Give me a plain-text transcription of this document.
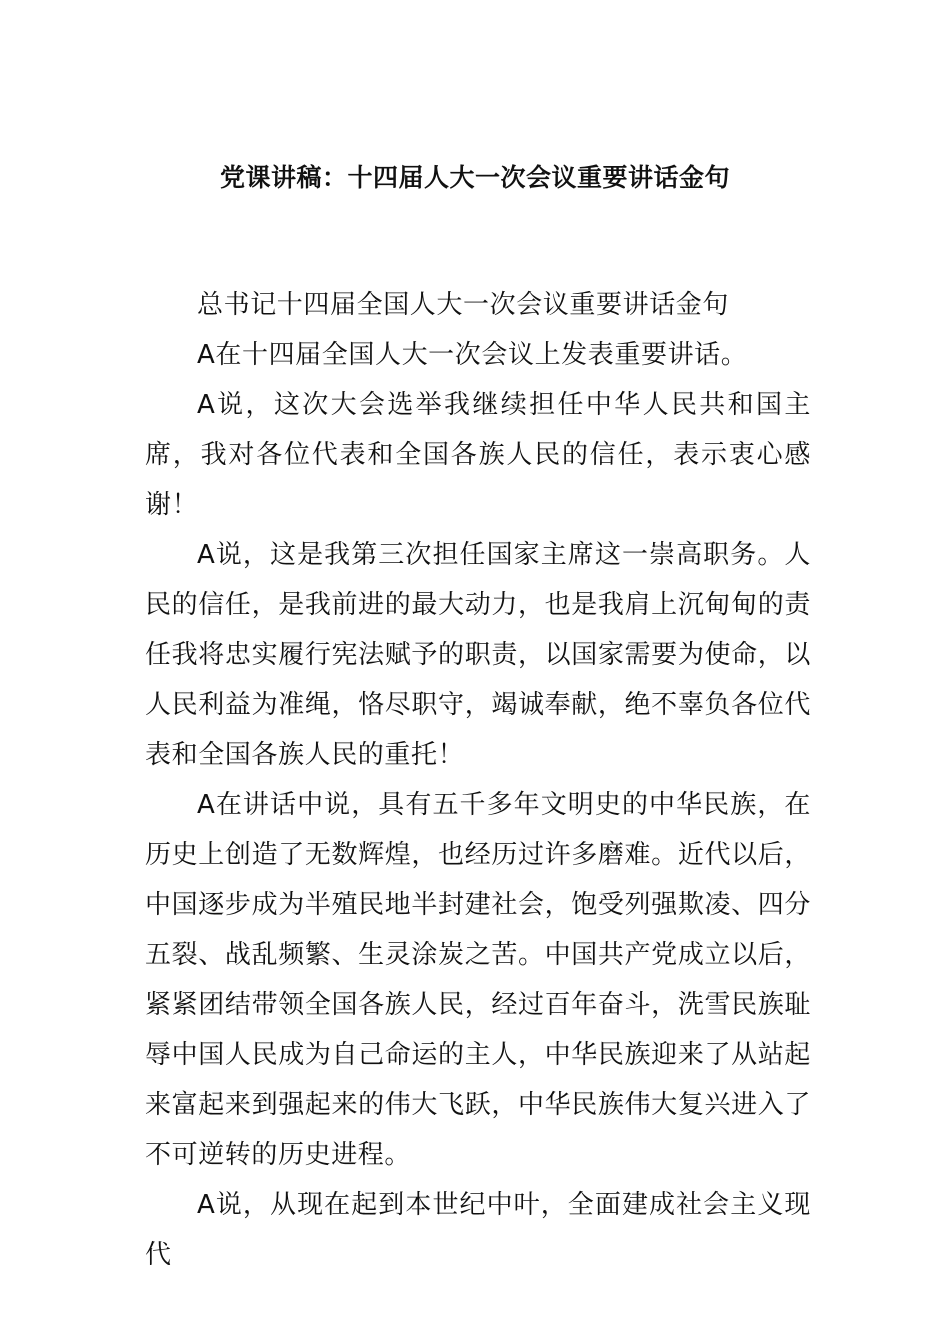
党课讲稿：十四届人大一次会议重要讲话金句

总书记十四届全国人大一次会议重要讲话金句

A在十四届全国人大一次会议上发表重要讲话。

A说，这次大会选举我继续担任中华人民共和国主席，我对各位代表和全国各族人民的信任，表示衷心感谢！

A说，这是我第三次担任国家主席这一崇高职务。人民的信任，是我前进的最大动力，也是我肩上沉甸甸的责任我将忠实履行宪法赋予的职责，以国家需要为使命，以人民利益为准绳，恪尽职守，竭诚奉献，绝不辜负各位代表和全国各族人民的重托！

A在讲话中说，具有五千多年文明史的中华民族，在历史上创造了无数辉煌，也经历过许多磨难。近代以后，中国逐步成为半殖民地半封建社会，饱受列强欺凌、四分五裂、战乱频繁、生灵涂炭之苦。中国共产党成立以后，紧紧团结带领全国各族人民，经过百年奋斗，洗雪民族耻辱中国人民成为自己命运的主人，中华民族迎来了从站起来富起来到强起来的伟大飞跃，中华民族伟大复兴进入了不可逆转的历史进程。

A说，从现在起到本世纪中叶，全面建成社会主义现代
